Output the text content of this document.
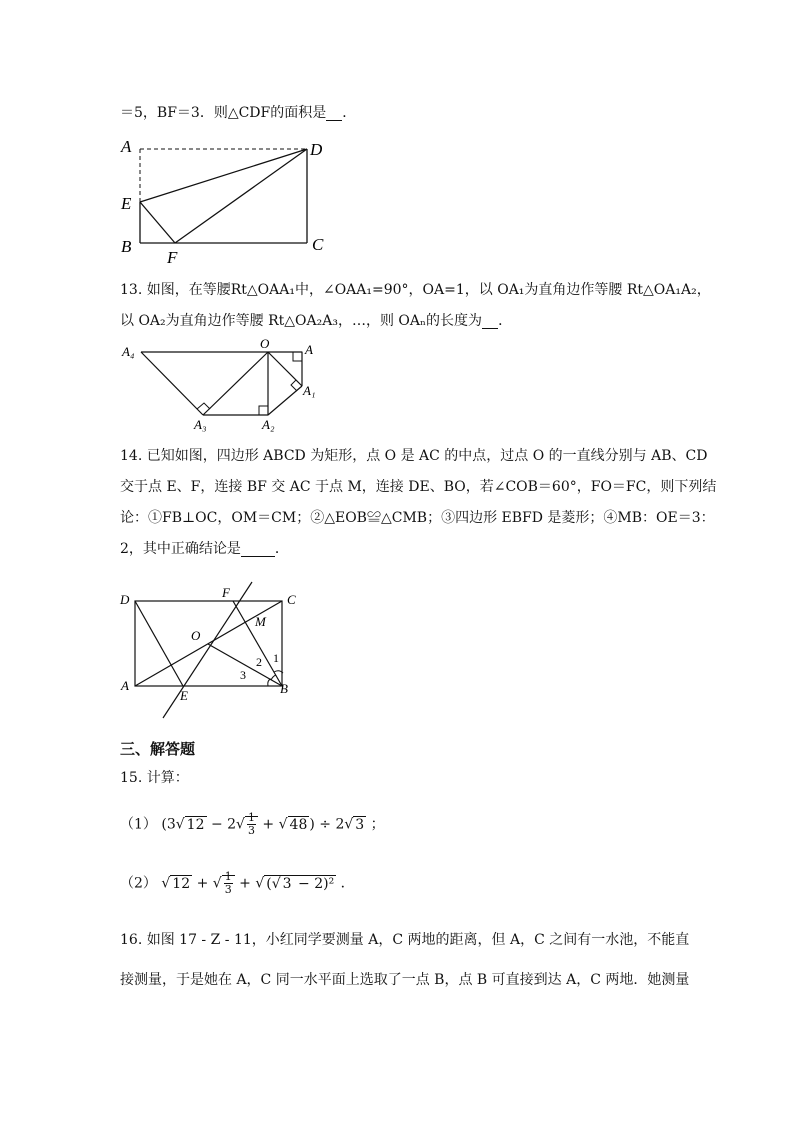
＝5，BF＝3．则△CDF的面积是 ．
A	D
E
B
F
C
13. 如图，在等腰Rt△OAA₁中，∠OAA₁=90°，OA=1，以 OA₁为直角边作等腰 Rt△OA₁A₂，
以 OA₂为直角边作等腰 Rt△OA₂A₃，…，则 OAₙ的长度为 ．
A₄
O	A
A₁
A₃	A₂
14. 已知如图，四边形 ABCD 为矩形，点 O 是 AC 的中点，过点 O 的一直线分别与 AB、CD
交于点 E、F，连接 BF 交 AC 于点 M，连接 DE、BO，若∠COB＝60°，FO＝FC，则下列结
论：①FB⊥OC，OM＝CM；②△EOB≌△CMB；③四边形 EBFD 是菱形；④MB：OE＝3：
2，其中正确结论是 ．
D	F	C
M
O
1
2
3
A
E	B
三、解答题
15. 计算：
（1） (3√ $12 - 2√ \frac{1}{3}$ + √ 48 ) ÷ 2√ 3 ；
（2） √ 12 + √ $\frac{1}{3}$ + √ (√ 3 − 2)² ．
16. 如图 17 - Z - 11，小红同学要测量 A，C 两地的距离，但 A，C 之间有一水池，不能直
接测量，于是她在 A，C 同一水平面上选取了一点 B，点 B 可直接到达 A，C 两地．她测量
